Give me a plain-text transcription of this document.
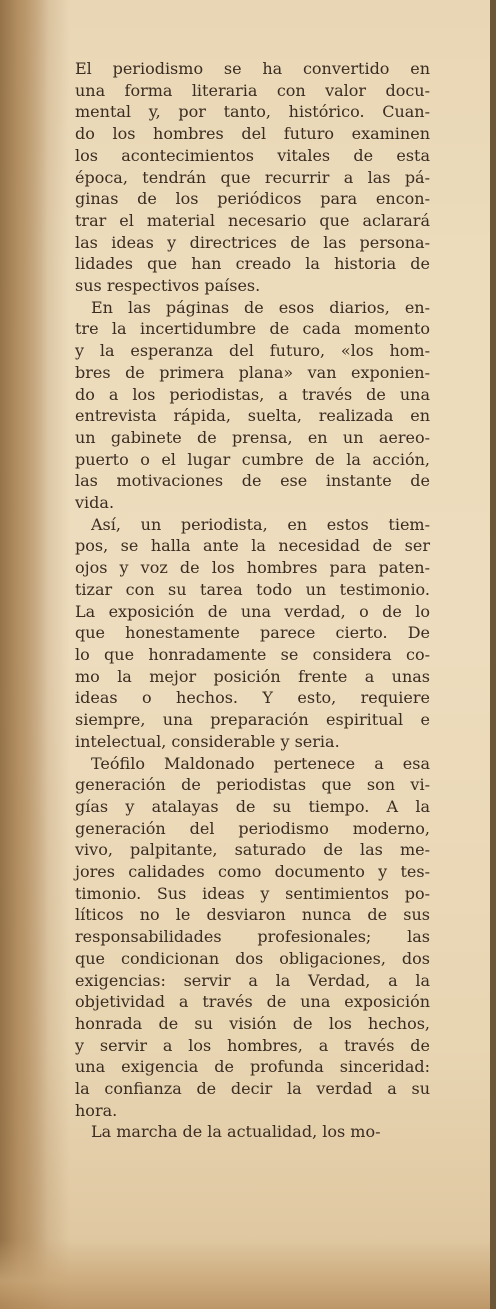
El periodismo se ha convertido en
una forma literaria con valor docu-
mental y, por tanto, histórico. Cuan-
do los hombres del futuro examinen
los acontecimientos vitales de esta
época, tendrán que recurrir a las pá-
ginas de los periódicos para encon-
trar el material necesario que aclarará
las ideas y directrices de las persona-
lidades que han creado la historia de
sus respectivos países.

En las páginas de esos diarios, en-
tre la incertidumbre de cada momento
y la esperanza del futuro, «los hom-
bres de primera plana» van exponien-
do a los periodistas, a través de una
entrevista rápida, suelta, realizada en
un gabinete de prensa, en un aereo-
puerto o el lugar cumbre de la acción,
las motivaciones de ese instante de
vida.

Así, un periodista, en estos tiem-
pos, se halla ante la necesidad de ser
ojos y voz de los hombres para paten-
tizar con su tarea todo un testimonio.
La exposición de una verdad, o de lo
que honestamente parece cierto. De
lo que honradamente se considera co-
mo la mejor posición frente a unas
ideas o hechos. Y esto, requiere
siempre, una preparación espiritual e
intelectual, considerable y seria.

Teófilo Maldonado pertenece a esa
generación de periodistas que son vi-
gías y atalayas de su tiempo. A la
generación del periodismo moderno,
vivo, palpitante, saturado de las me-
jores calidades como documento y tes-
timonio. Sus ideas y sentimientos po-
líticos no le desviaron nunca de sus
responsabilidades profesionales; las
que condicionan dos obligaciones, dos
exigencias: servir a la Verdad, a la
objetividad a través de una exposición
honrada de su visión de los hechos,
y servir a los hombres, a través de
una exigencia de profunda sinceridad:
la confianza de decir la verdad a su
hora.

La marcha de la actualidad, los mo-
